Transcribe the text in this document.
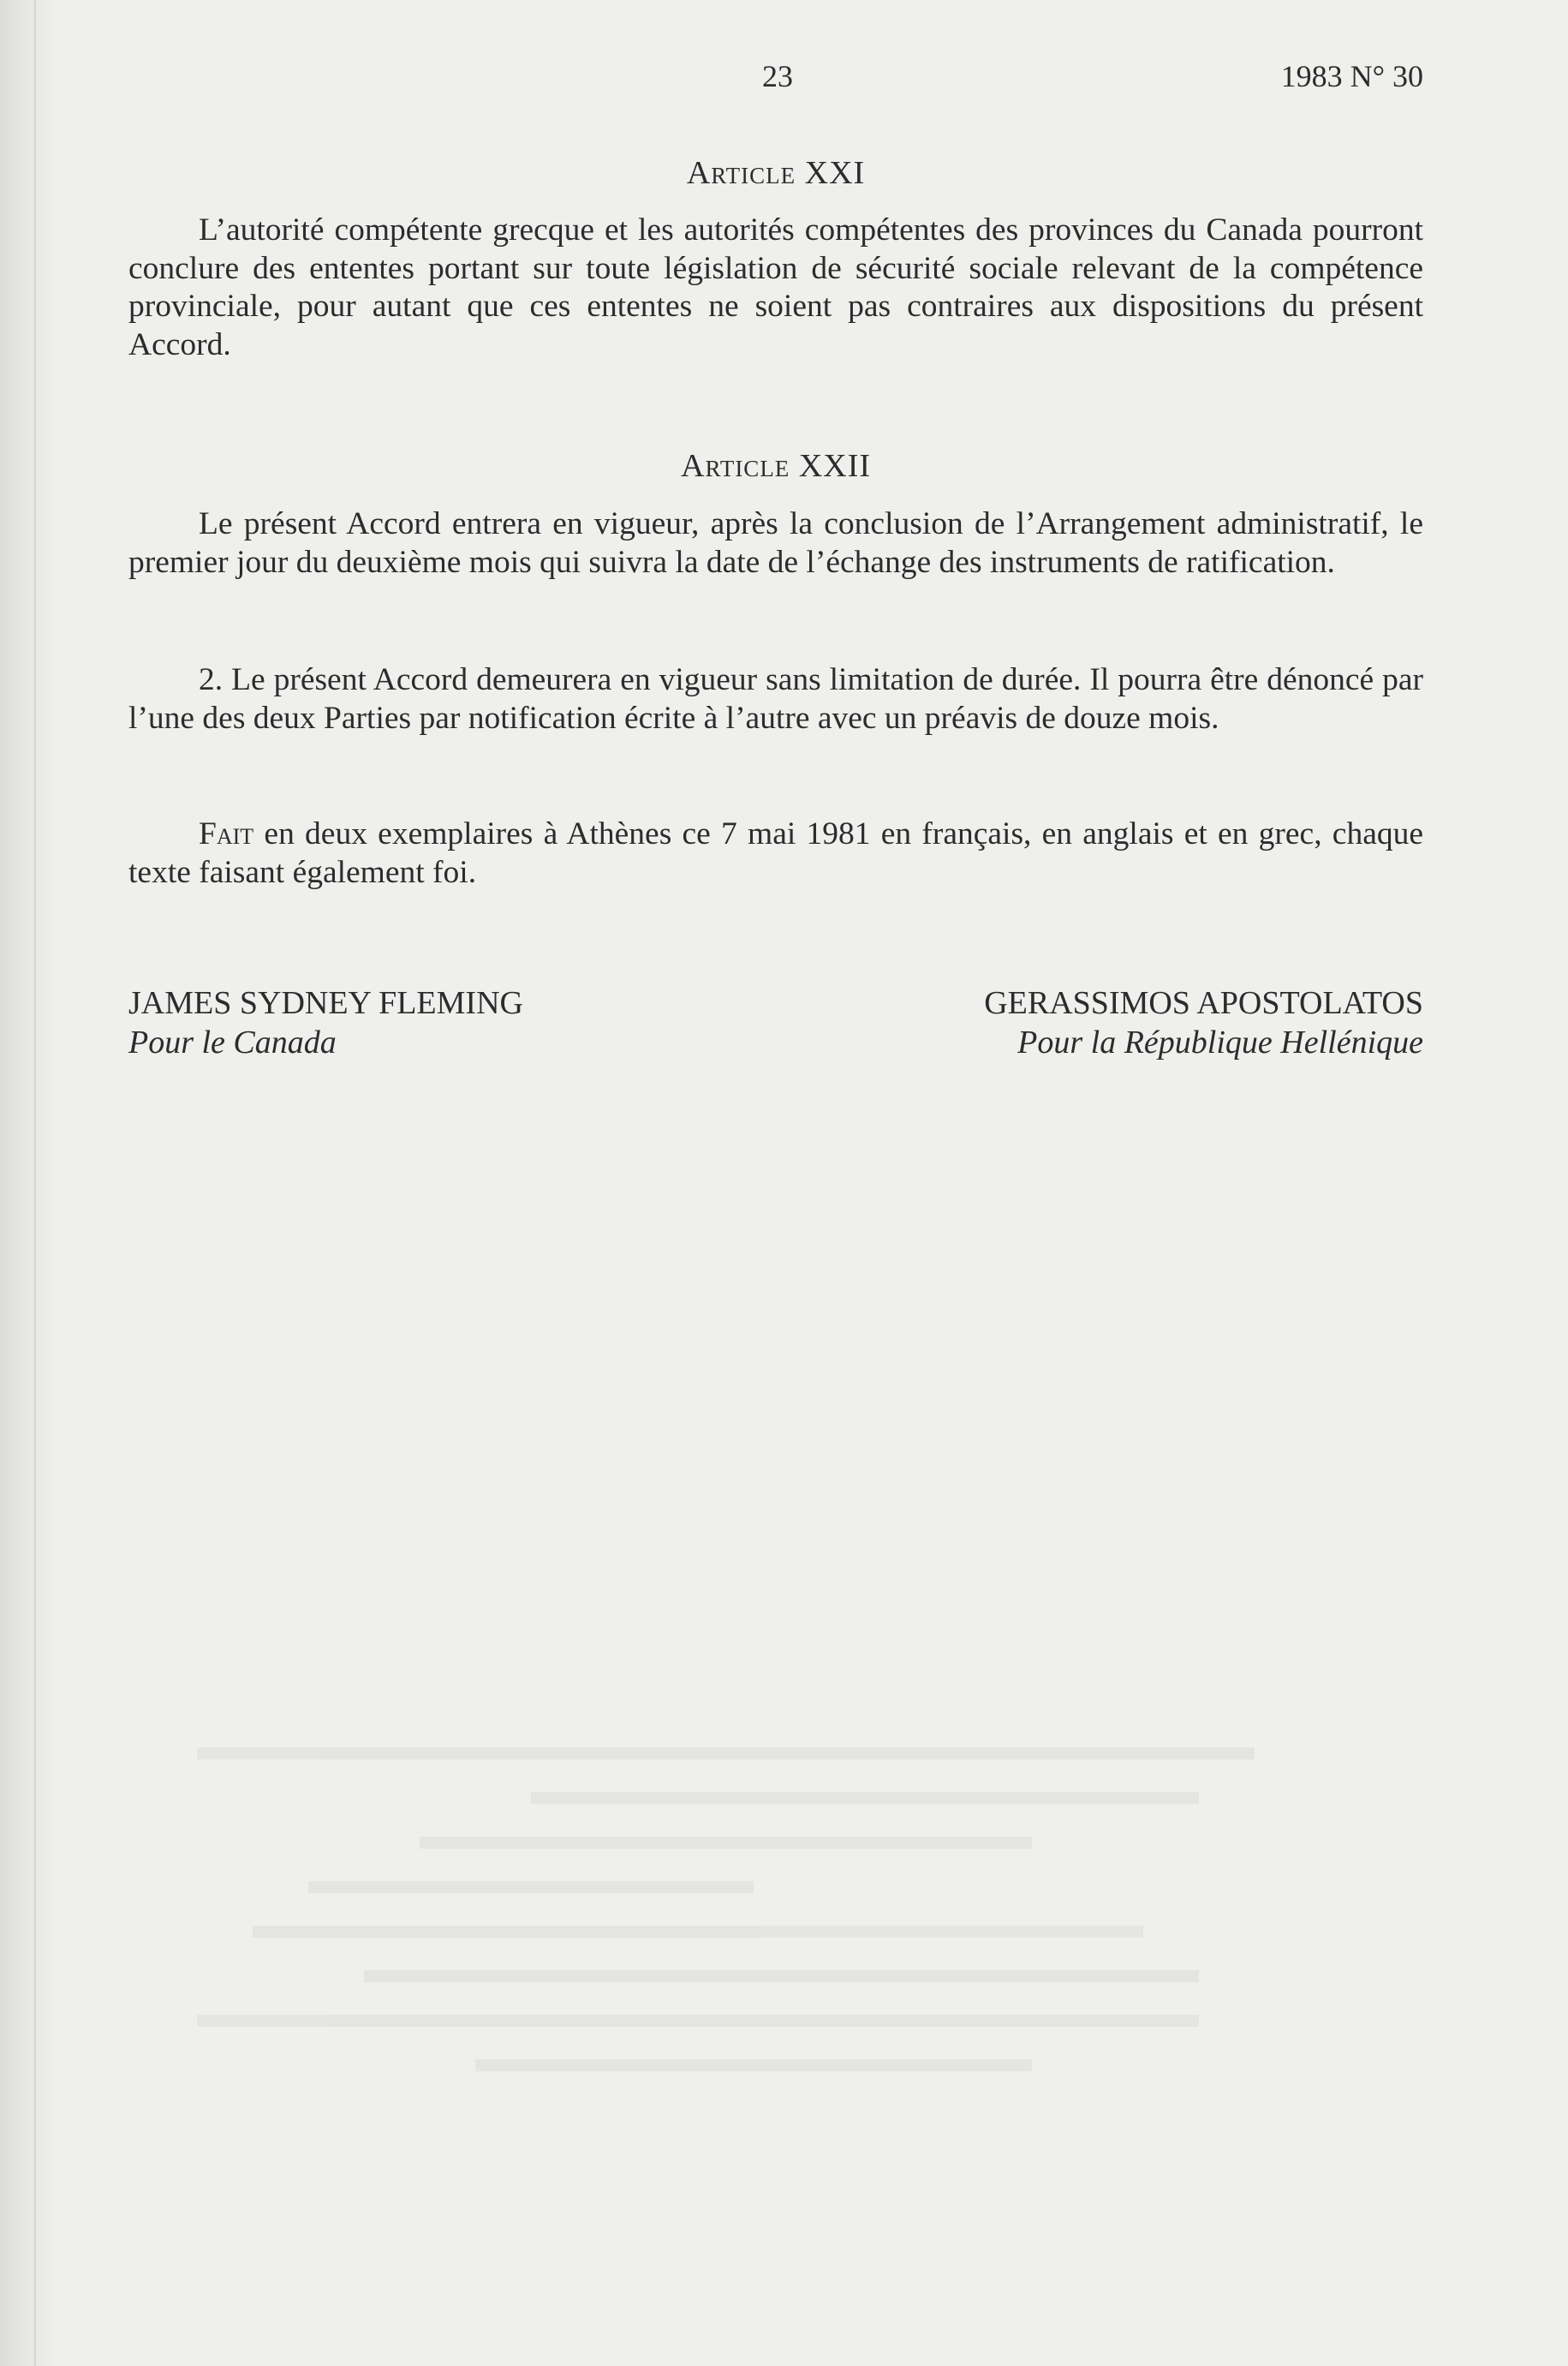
23	1983 N° 30
Article XXI
L’autorité compétente grecque et les autorités compétentes des provinces du Canada pourront conclure des ententes portant sur toute législation de sécurité sociale relevant de la compétence provinciale, pour autant que ces ententes ne soient pas contraires aux dispositions du présent Accord.
Article XXII
Le présent Accord entrera en vigueur, après la conclusion de l’Arrangement administratif, le premier jour du deuxième mois qui suivra la date de l’échange des instruments de ratification.
2. Le présent Accord demeurera en vigueur sans limitation de durée. Il pourra être dénoncé par l’une des deux Parties par notification écrite à l’autre avec un préavis de douze mois.
Fait en deux exemplaires à Athènes ce 7 mai 1981 en français, en anglais et en grec, chaque texte faisant également foi.
JAMES SYDNEY FLEMING
Pour le Canada
GERASSIMOS APOSTOLATOS
Pour la République Hellénique
